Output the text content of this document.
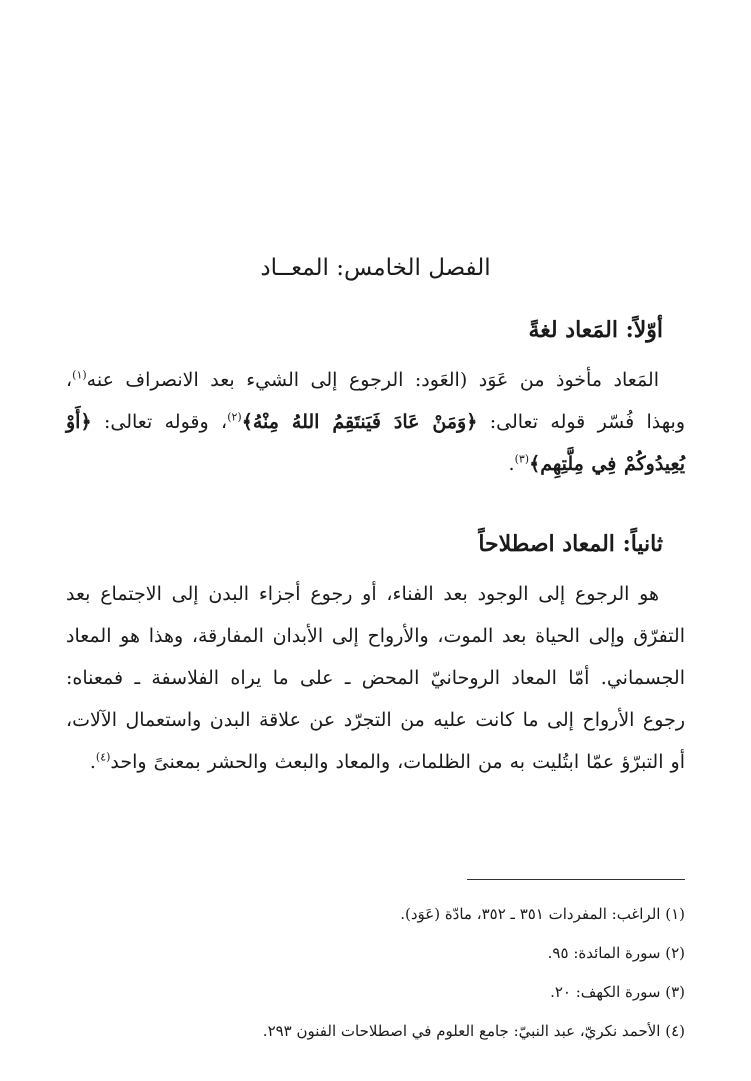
الفصل الخامس: المعــاد
أوّلاً: المَعاد لغةً

المَعاد مأخوذ من عَوَد (العَود: الرجوع إلى الشيء بعد الانصراف عنه$^{(١)}$، وبهذا فُسّر قوله تعالى: ﴿وَمَنْ عَادَ فَيَنتَقِمُ اللهُ مِنْهُ﴾$^{(٢)}$، وقوله تعالى: ﴿أَوْ يُعِيدُوكُمْ فِي مِلَّتِهِم﴾$^{(٣)}$.

ثانياً: المعاد اصطلاحاً

هو الرجوع إلى الوجود بعد الفناء، أو رجوع أجزاء البدن إلى الاجتماع بعد التفرّق وإلى الحياة بعد الموت، والأرواح إلى الأبدان المفارقة، وهذا هو المعاد الجسماني. أمّا المعاد الروحانيّ المحض ـ على ما يراه الفلاسفة ـ فمعناه: رجوع الأرواح إلى ما كانت عليه من التجرّد عن علاقة البدن واستعمال الآلات، أو التبرّؤ عمّا ابتُليت به من الظلمات، والمعاد والبعث والحشر بمعنىً واحد$^{(٤)}$.

(١) الراغب: المفردات ٣٥١ ـ ٣٥٢، مادّة (عَوَد).
(٢) سورة المائدة: ٩٥.
(٣) سورة الكهف: ٢٠.
(٤) الأحمد نكريّ، عبد النبيّ: جامع العلوم في اصطلاحات الفنون ٢٩٣.
